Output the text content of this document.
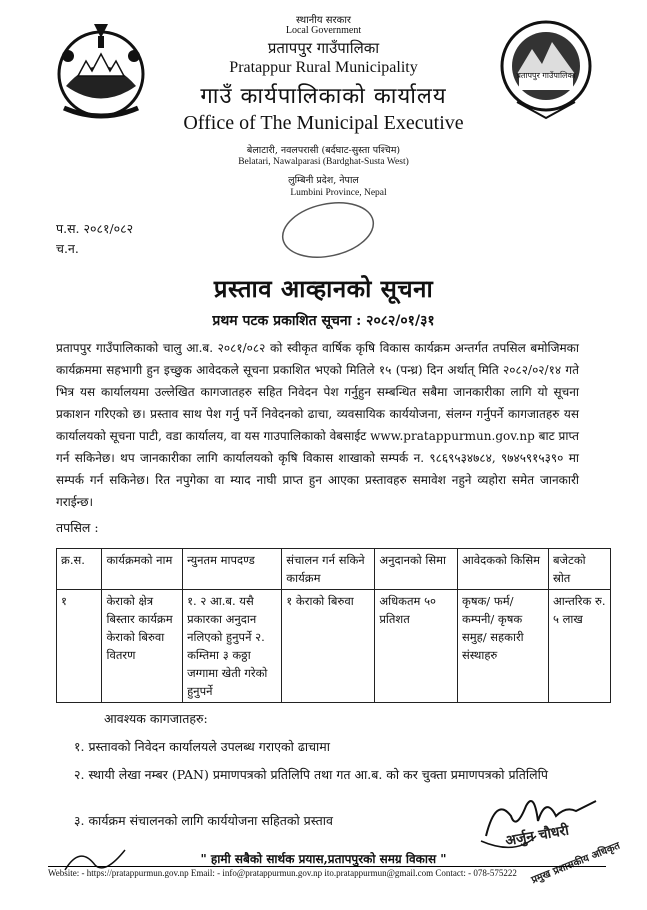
प्रतापपुर गाउँपालिका
स्थानीय सरकार
Local Government
प्रतापपुर गाउँपालिका
Pratappur Rural Municipality
गाउँ कार्यपालिकाको कार्यालय
Office of The Municipal Executive
बेलाटारी, नवलपरासी (बर्दघाट-सुस्ता पश्चिम)
Belatari, Nawalparasi (Bardghat-Susta West)
लुम्बिनी प्रदेश, नेपाल
Lumbini Province, Nepal
प.स. २०८१/०८२
च.न.
प्रस्ताव आव्हानको सूचना
प्रथम पटक प्रकाशित सूचना : २०८२/०१/३१
प्रतापपुर गाउँपालिकाको चालु आ.ब. २०८१/०८२ को स्वीकृत वार्षिक कृषि विकास कार्यक्रम अन्तर्गत तपसिल बमोजिमका कार्यक्रममा सहभागी हुन इच्छुक आवेदकले सूचना प्रकाशित भएको मितिले १५ (पन्ध्र) दिन अर्थात् मिति २०८२/०२/१४ गते भित्र यस कार्यालयमा उल्लेखित कागजातहरु सहित निवेदन पेश गर्नुहुन सम्बन्धित सबैमा जानकारीका लागि यो सूचना प्रकाशन गरिएको छ। प्रस्ताव साथ पेश गर्नु पर्ने निवेदनको ढाचा, व्यवसायिक कार्ययोजना, संलग्न गर्नुपर्ने कागजातहरु यस कार्यालयको सूचना पाटी, वडा कार्यालय, वा यस गाउपालिकाको वेबसाईट www.pratappurmun.gov.np बाट प्राप्त गर्न सकिनेछ। थप जानकारीका लागि कार्यालयको कृषि विकास शाखाको सम्पर्क न. ९८६९५३४७८४, ९७४५९१५३९० मा सम्पर्क गर्न सकिनेछ। रित नपुगेका वा म्याद नाघी प्राप्त हुन आएका प्रस्तावहरु समावेश नहुने व्यहोरा समेत जानकारी गराईन्छ।
तपसिल :
क्र.स.	कार्यक्रमको नाम	न्युनतम मापदण्ड	संचालन गर्न सकिने कार्यक्रम	अनुदानको सिमा	आवेदकको किसिम	बजेटको स्रोत
१	केराको क्षेत्र बिस्तार कार्यक्रम केराको बिरुवा वितरण	१. २ आ.ब. यसै प्रकारका अनुदान नलिएको हुनुपर्ने २. कम्तिमा ३ कठ्ठा जग्गामा खेती गरेको हुनुपर्ने	१ केराको बिरुवा	अधिकतम ५० प्रतिशत	कृषक/ फर्म/ कम्पनी/ कृषक समुह/ सहकारी संस्थाहरु	आन्तरिक रु. ५ लाख
आवश्यक कागजातहरु:
१. प्रस्तावको निवेदन कार्यालयले उपलब्ध गराएको ढाचामा
२. स्थायी लेखा नम्बर (PAN) प्रमाणपत्रको प्रतिलिपि तथा गत आ.ब. को कर चुक्ता प्रमाणपत्रको प्रतिलिपि
३. कार्यक्रम संचालनको लागि कार्ययोजना सहितको प्रस्ताव
अर्जुन चौधरी
प्रमुख प्रशासकीय अधिकृत
" हामी सबैको सार्थक प्रयास,प्रतापपुरको समग्र विकास "
Website: - https://pratappurmun.gov.np Email: - info@pratappurmun.gov.np ito.pratappurmun@gmail.com Contact: - 078-575222
